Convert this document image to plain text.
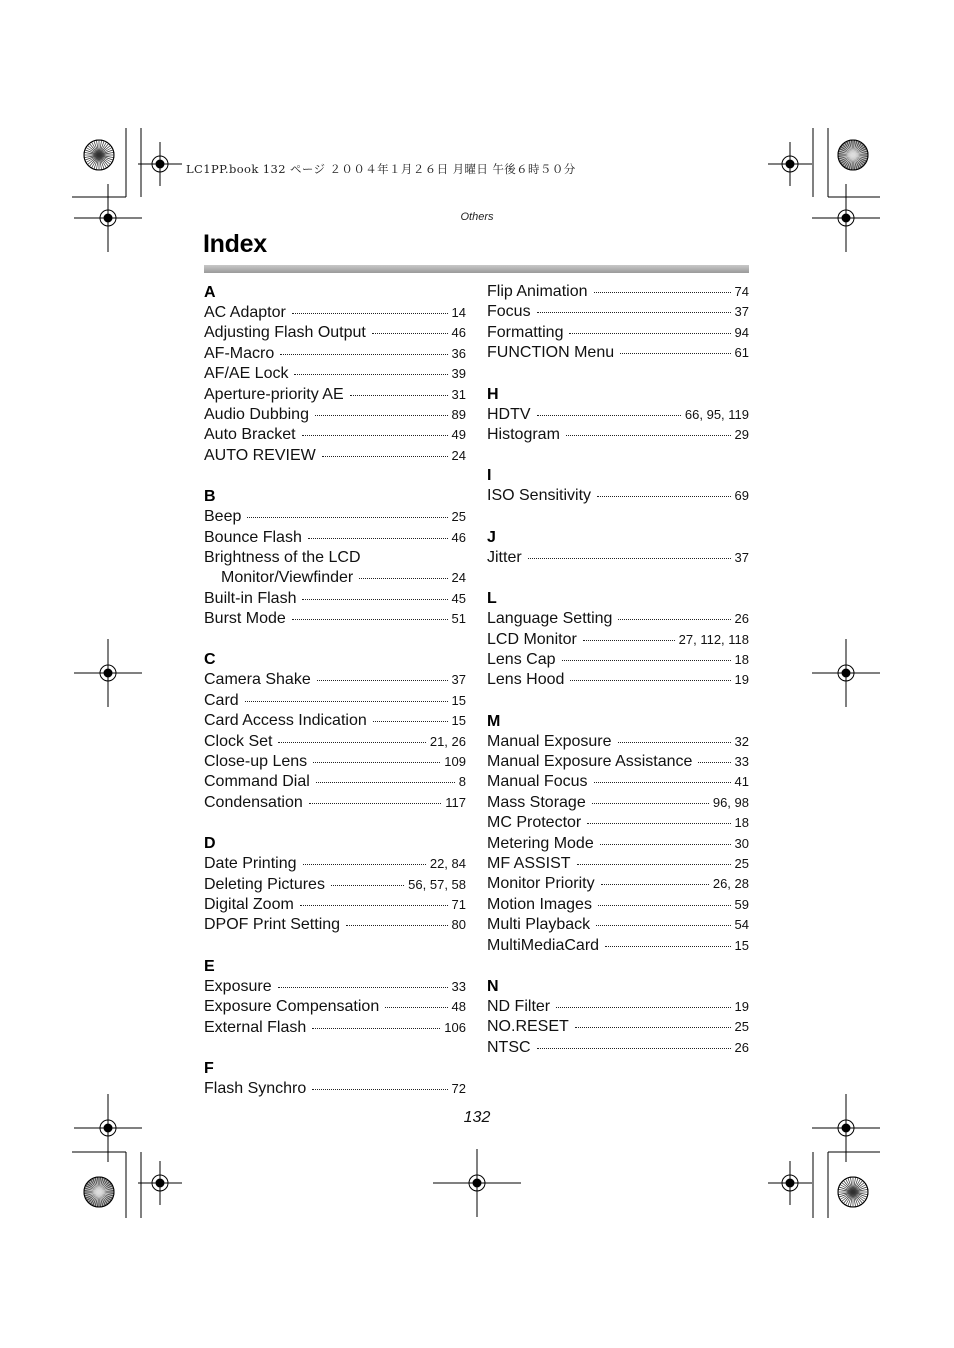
LC1PP.book 132 ページ ２００４年１月２６日 月曜日 午後６時５０分
Others
Index
A
AC Adaptor	14
Adjusting Flash Output	46
AF-Macro	36
AF/AE Lock	39
Aperture-priority AE	31
Audio Dubbing	89
Auto Bracket	49
AUTO REVIEW	24
B
Beep	25
Bounce Flash	46
Brightness of the LCD
Monitor/Viewfinder	24
Built-in Flash	45
Burst Mode	51
C
Camera Shake	37
Card	15
Card Access Indication	15
Clock Set	21, 26
Close-up Lens	109
Command Dial	8
Condensation	117
D
Date Printing	22, 84
Deleting Pictures	56, 57, 58
Digital Zoom	71
DPOF Print Setting	80
E
Exposure	33
Exposure Compensation	48
External Flash	106
F
Flash Synchro	72
Flip Animation	74
Focus	37
Formatting	94
FUNCTION Menu	61
H
HDTV	66, 95, 119
Histogram	29
I
ISO Sensitivity	69
J
Jitter	37
L
Language Setting	26
LCD Monitor	27, 112, 118
Lens Cap	18
Lens Hood	19
M
Manual Exposure	32
Manual Exposure Assistance	33
Manual Focus	41
Mass Storage	96, 98
MC Protector	18
Metering Mode	30
MF ASSIST	25
Monitor Priority	26, 28
Motion Images	59
Multi Playback	54
MultiMediaCard	15
N
ND Filter	19
NO.RESET	25
NTSC	26
132
